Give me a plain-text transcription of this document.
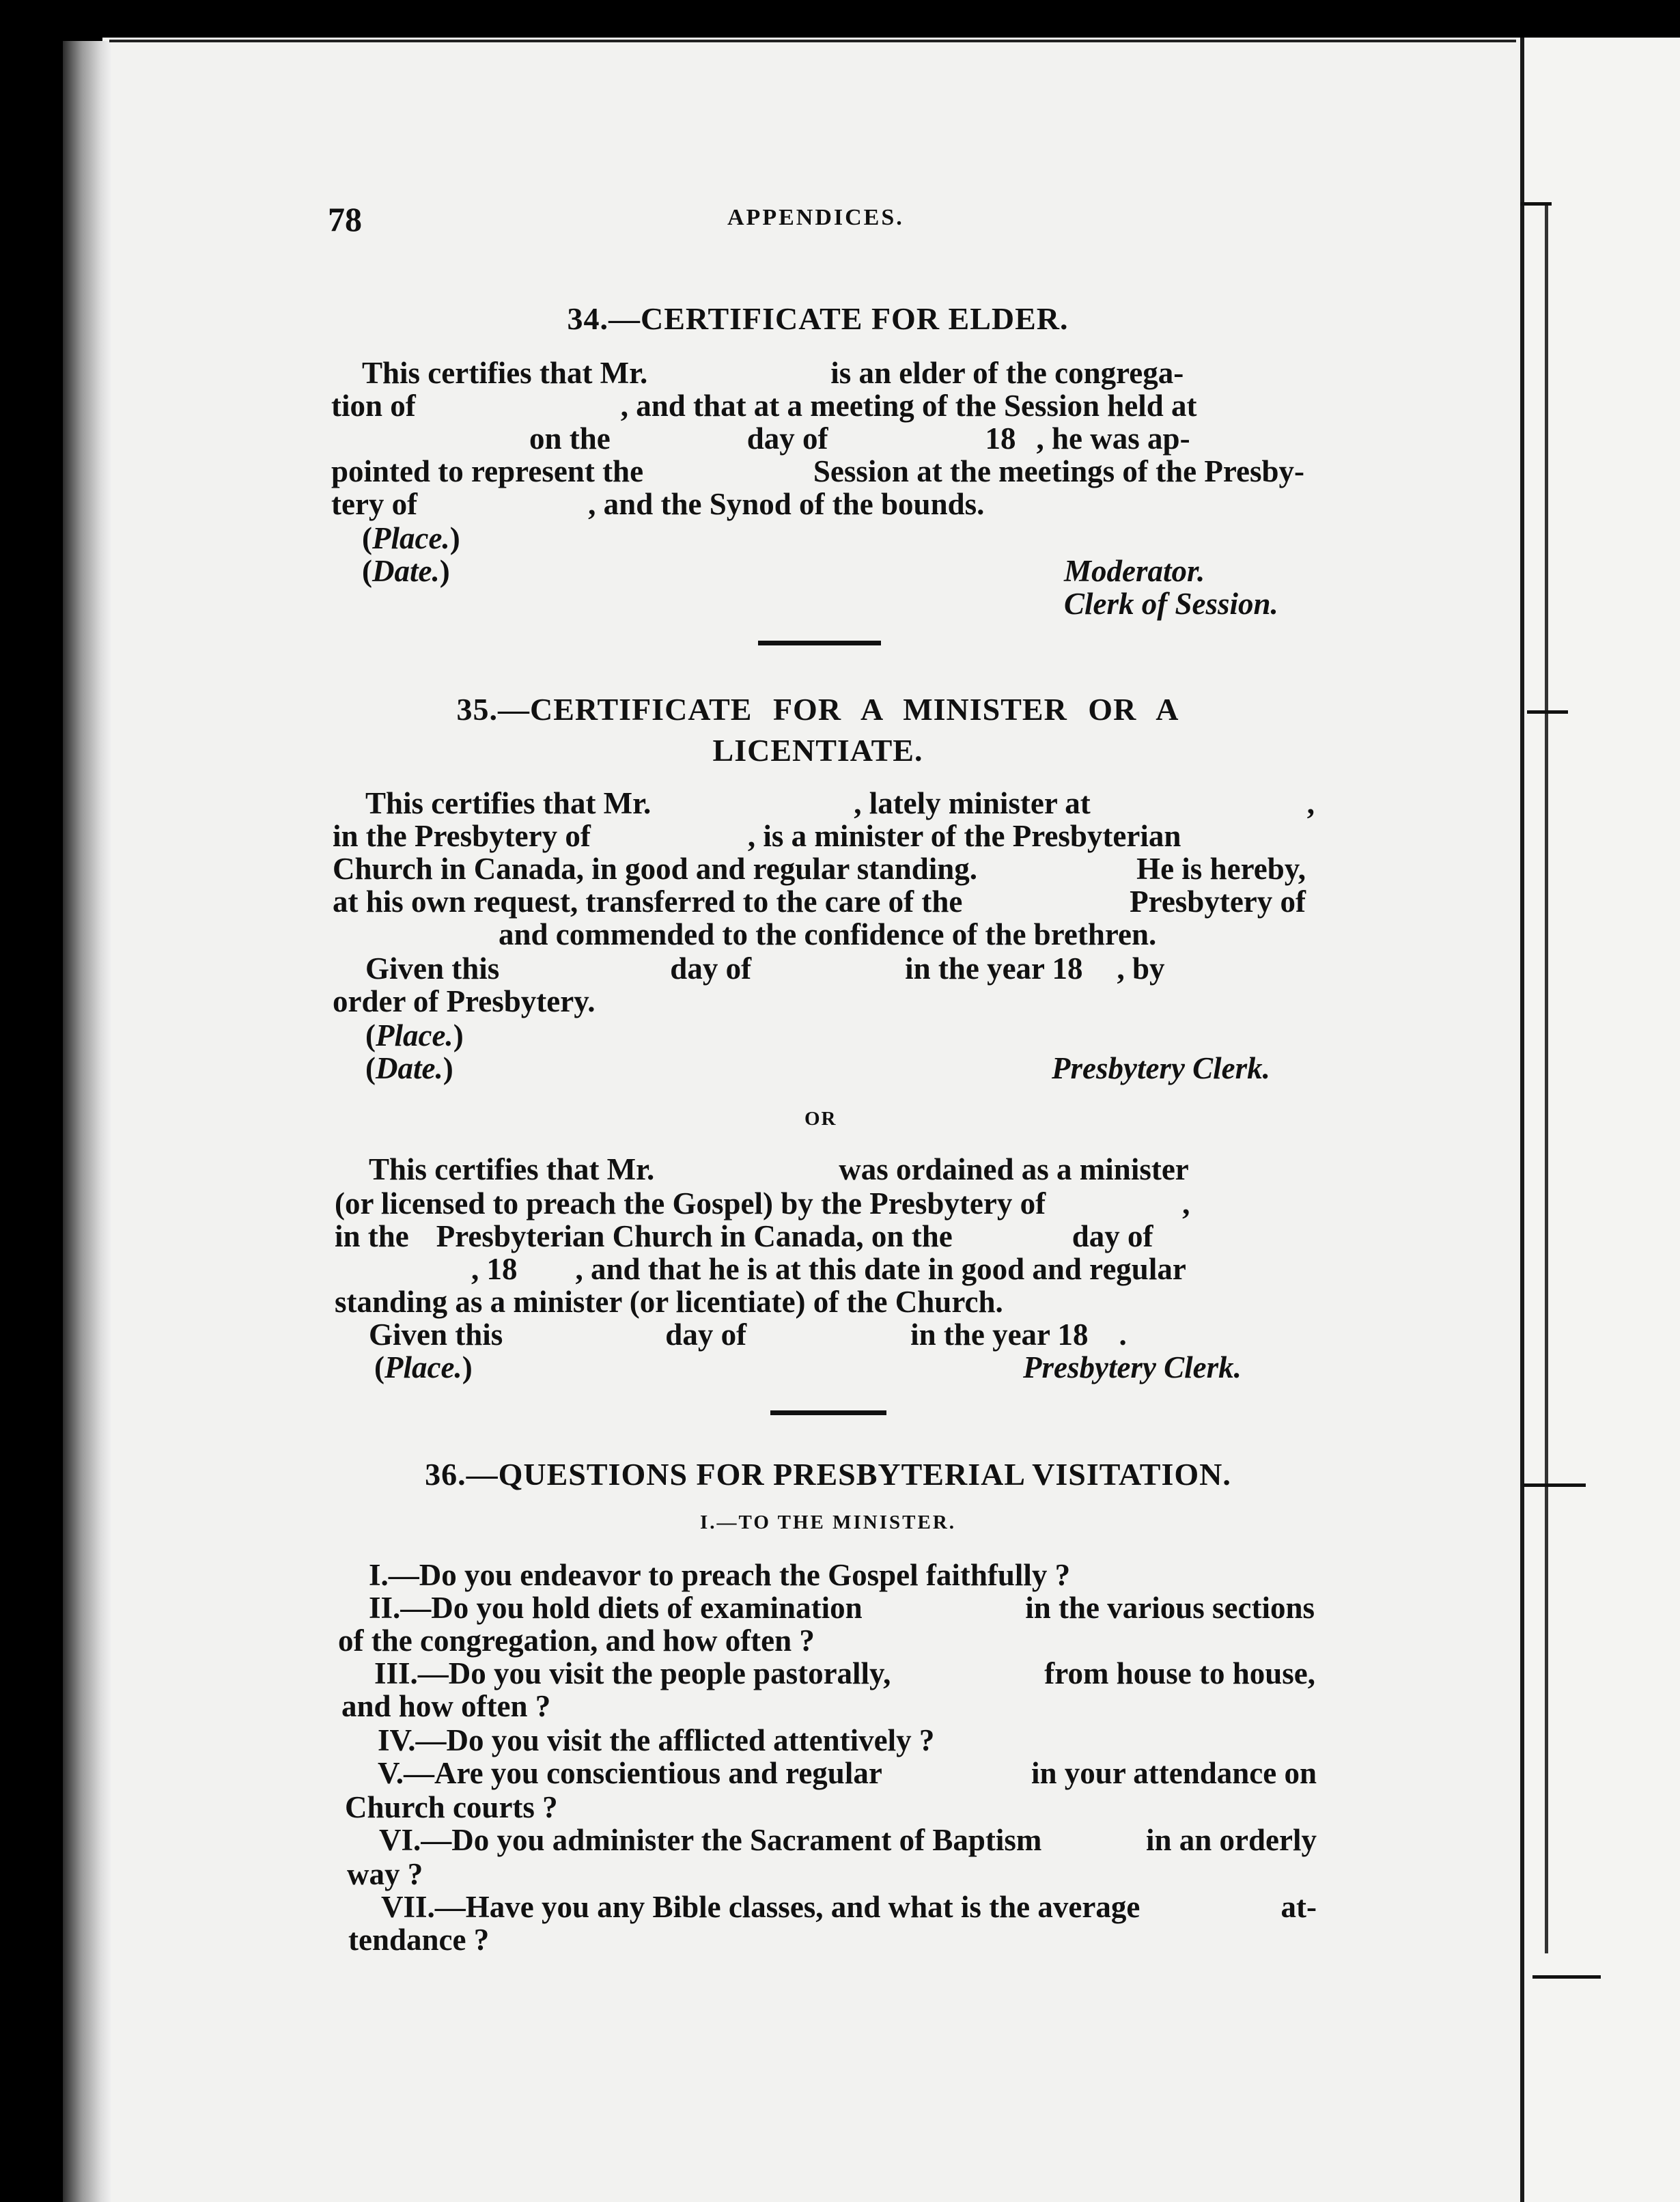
78	APPENDICES.
34.—CERTIFICATE FOR ELDER.
This certifies that Mr.	is an elder of the congrega-
tion of	, and that at a meeting of the Session held at
on the	day of	18 , he was ap-
pointed to represent the	Session at the meetings of the Presby-
tery of	, and the Synod of the bounds.
(Place.)
(Date.)	Moderator.
Clerk of Session.
35.—CERTIFICATE FOR A MINISTER OR A
LICENTIATE.
This certifies that Mr.	, lately minister at	,
in the Presbytery of	, is a minister of the Presbyterian
Church in Canada, in good and regular standing.	He is hereby,
at his own request, transferred to the care of the	Presbytery of
and commended to the confidence of the brethren.
Given this	day of	in the year 18 , by
order of Presbytery.
(Place.)
(Date.)	Presbytery Clerk.
OR
This certifies that Mr.	was ordained as a minister
(or licensed to preach the Gospel) by the Presbytery of	,
in the Presbyterian Church in Canada, on the	day of
, 18 , and that he is at this date in good and regular
standing as a minister (or licentiate) of the Church.
Given this	day of	in the year 18 .
(Place.)	Presbytery Clerk.
36.—QUESTIONS FOR PRESBYTERIAL VISITATION.
I.—TO THE MINISTER.
I.—Do you endeavor to preach the Gospel faithfully ?
II.—Do you hold diets of examination	in the various sections
of the congregation, and how often ?
III.—Do you visit the people pastorally,	from house to house,
and how often ?
IV.—Do you visit the afflicted attentively ?
V.—Are you conscientious and regular	in your attendance on
Church courts ?
VI.—Do you administer the Sacrament of Baptism	in an orderly
way ?
VII.—Have you any Bible classes, and what is the average	at-
tendance ?
